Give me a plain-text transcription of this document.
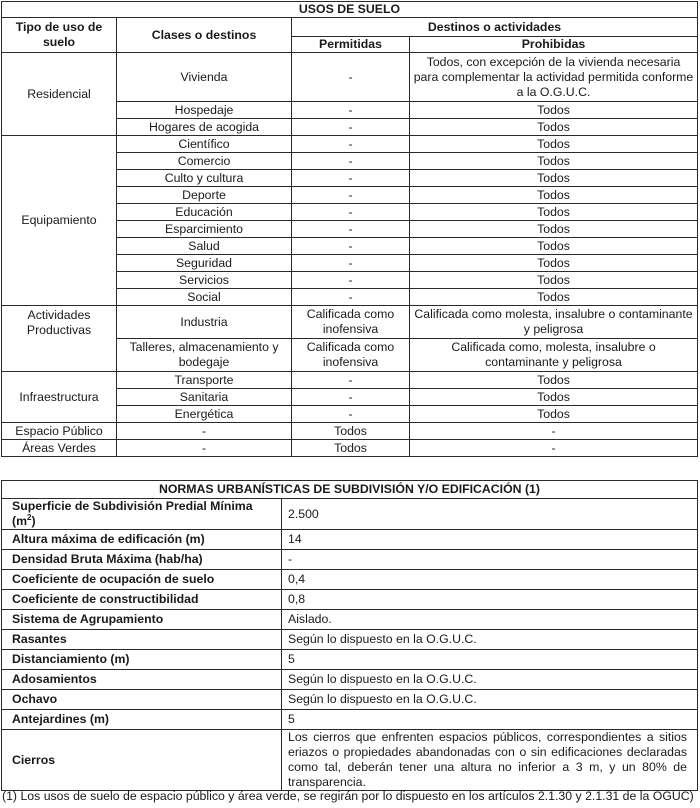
USOS DE SUELO			
Tipo de uso de suelo	Clases o destinos	Destinos o actividades	
		Permitidas	Prohibidas
Residencial	Vivienda	-	Todos, con excepción de la vivienda necesaria para complementar la actividad permitida conforme a la O.G.U.C.
	Hospedaje	-	Todos
	Hogares de acogida	-	Todos
Equipamiento	Científico	-	Todos
	Comercio	-	Todos
	Culto y cultura	-	Todos
	Deporte	-	Todos
	Educación	-	Todos
	Esparcimiento	-	Todos
	Salud	-	Todos
	Seguridad	-	Todos
	Servicios	-	Todos
	Social	-	Todos
Actividades Productivas	Industria	Calificada como inofensiva	Calificada como molesta, insalubre o contaminante y peligrosa
	Talleres, almacenamiento y bodegaje	Calificada como inofensiva	Calificada como, molesta, insalubre o contaminante y peligrosa
Infraestructura	Transporte	-	Todos
	Sanitaria	-	Todos
	Energética	-	Todos
Espacio Público	-	Todos	-
Áreas Verdes	-	Todos	-
NORMAS URBANÍSTICAS DE SUBDIVISIÓN Y/O EDIFICACIÓN (1)	
Superficie de Subdivisión Predial Mínima $(m^2)$	2.500
Altura máxima de edificación (m)	14
Densidad Bruta Máxima (hab/ha)	-
Coeficiente de ocupación de suelo	0,4
Coeficiente de constructibilidad	0,8
Sistema de Agrupamiento	Aislado.
Rasantes	Según lo dispuesto en la O.G.U.C.
Distanciamiento (m)	5
Adosamientos	Según lo dispuesto en la O.G.U.C.
Ochavo	Según lo dispuesto en la O.G.U.C.
Antejardines (m)	5
Cierros	Los cierros que enfrenten espacios públicos, correspondientes a sitios eriazos o propiedades abandonadas con o sin edificaciones declaradas como tal, deberán tener una altura no inferior a 3 m, y un 80% de transparencia.
(1) Los usos de suelo de espacio público y área verde, se regirán por lo dispuesto en los artículos 2.1.30 y 2.1.31 de la OGUC)
